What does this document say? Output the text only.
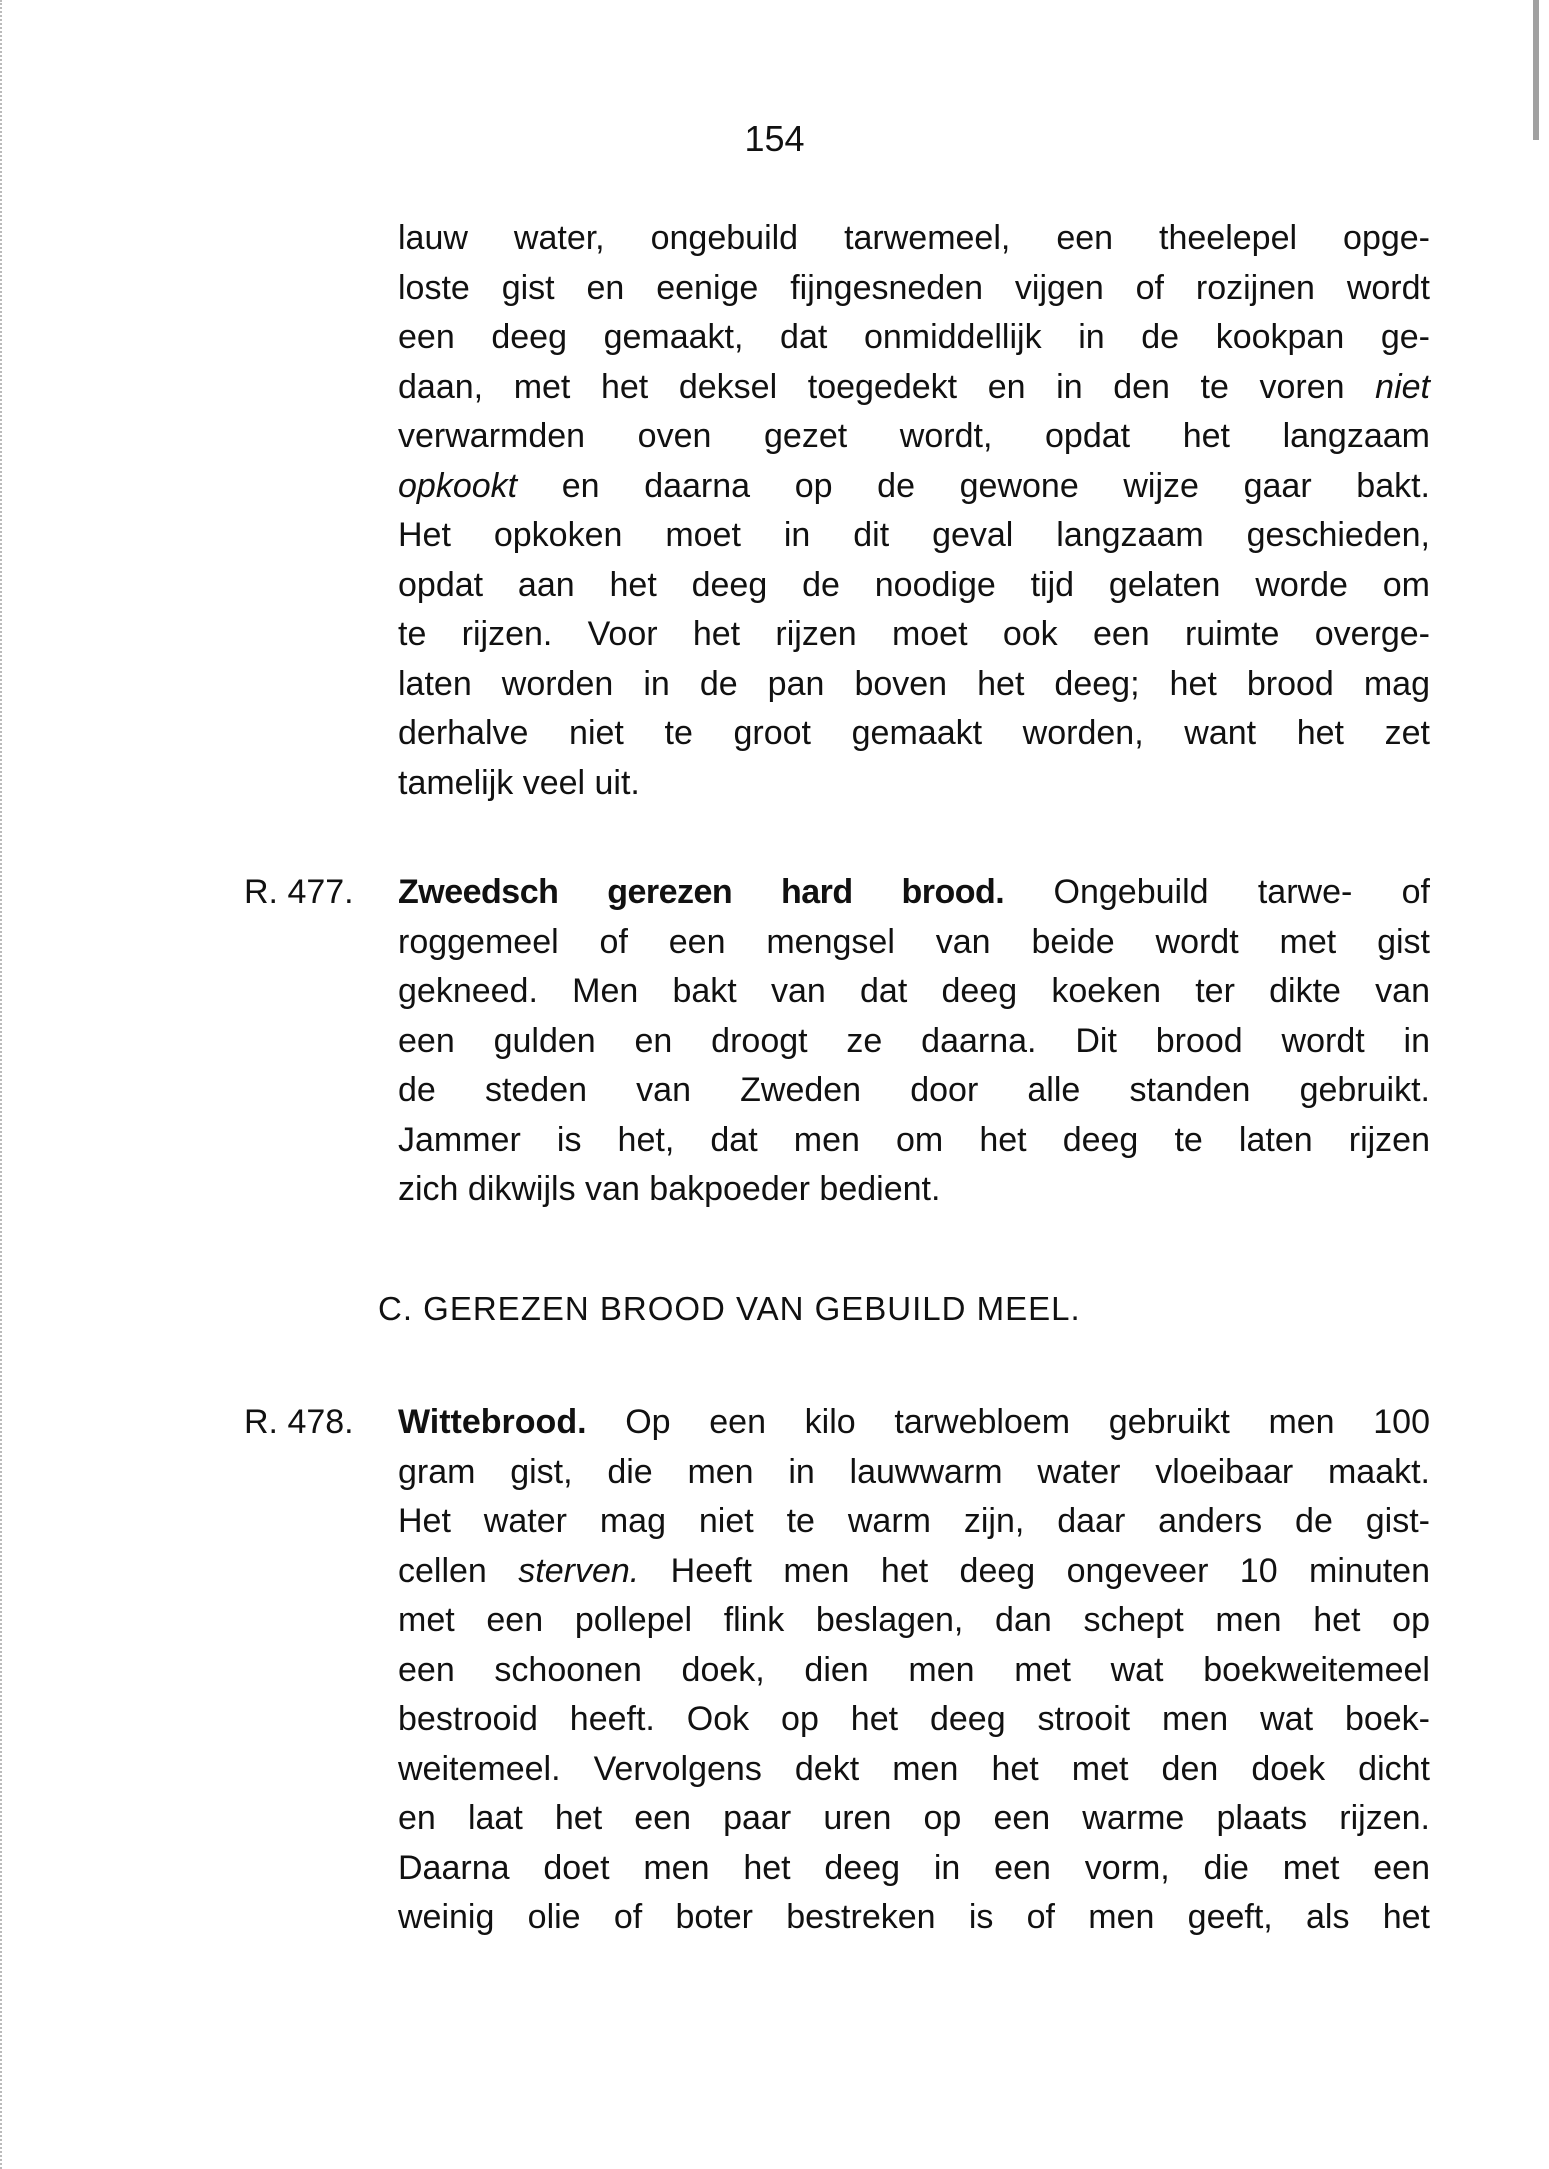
154
lauw water, ongebuild tarwemeel, een theelepel opge-
loste gist en eenige fijngesneden vijgen of rozijnen wordt
een deeg gemaakt, dat onmiddellijk in de kookpan ge-
daan, met het deksel toegedekt en in den te voren niet
verwarmden oven gezet wordt, opdat het langzaam
opkookt en daarna op de gewone wijze gaar bakt.
Het opkoken moet in dit geval langzaam geschieden,
opdat aan het deeg de noodige tijd gelaten worde om
te rijzen. Voor het rijzen moet ook een ruimte overge-
laten worden in de pan boven het deeg; het brood mag
derhalve niet te groot gemaakt worden, want het zet
tamelijk veel uit.
R. 477. Zweedsch gerezen hard brood. Ongebuild tarwe- of
roggemeel of een mengsel van beide wordt met gist
gekneed. Men bakt van dat deeg koeken ter dikte van
een gulden en droogt ze daarna. Dit brood wordt in
de steden van Zweden door alle standen gebruikt.
Jammer is het, dat men om het deeg te laten rijzen
zich dikwijls van bakpoeder bedient.
C. GEREZEN BROOD VAN GEBUILD MEEL.
R. 478. Wittebrood. Op een kilo tarwebloem gebruikt men 100
gram gist, die men in lauwwarm water vloeibaar maakt.
Het water mag niet te warm zijn, daar anders de gist-
cellen sterven. Heeft men het deeg ongeveer 10 minuten
met een pollepel flink beslagen, dan schept men het op
een schoonen doek, dien men met wat boekweitemeel
bestrooid heeft. Ook op het deeg strooit men wat boek-
weitemeel. Vervolgens dekt men het met den doek dicht
en laat het een paar uren op een warme plaats rijzen.
Daarna doet men het deeg in een vorm, die met een
weinig olie of boter bestreken is of men geeft, als het
